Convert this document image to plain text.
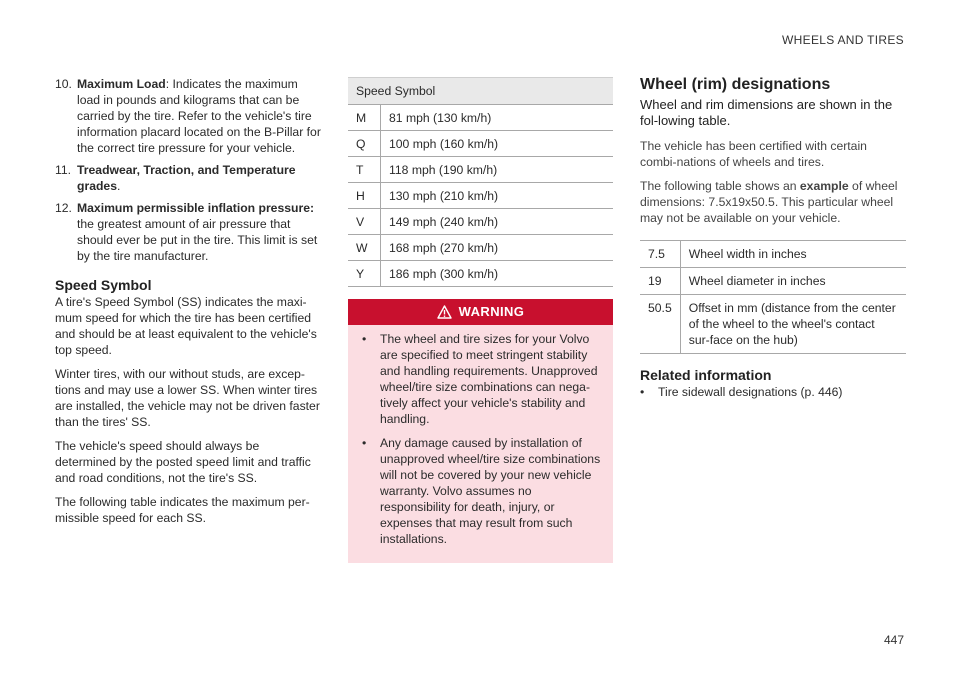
WHEELS AND TIRES
10. Maximum Load: Indicates the maximum load in pounds and kilograms that can be carried by the tire. Refer to the vehicle's tire information placard located on the B-Pillar for the correct tire pressure for your vehicle.
11. Treadwear, Traction, and Temperature grades.
12. Maximum permissible inflation pressure: the greatest amount of air pressure that should ever be put in the tire. This limit is set by the tire manufacturer.
Speed Symbol

A tire's Speed Symbol (SS) indicates the maxi-mum speed for which the tire has been certified and should be at least equivalent to the vehicle's top speed.

Winter tires, with our without studs, are excep-tions and may use a lower SS. When winter tires are installed, the vehicle may not be driven faster than the tires' SS.

The vehicle's speed should always be determined by the posted speed limit and traffic and road conditions, not the tire's SS.

The following table indicates the maximum per-missible speed for each SS.

Speed Symbol	
M	81 mph (130 km/h)
Q	100 mph (160 km/h)
T	118 mph (190 km/h)
H	130 mph (210 km/h)
V	149 mph (240 km/h)
W	168 mph (270 km/h)
Y	186 mph (300 km/h)
WARNING
• The wheel and tire sizes for your Volvo are specified to meet stringent stability and handling requirements. Unapproved wheel/tire size combinations can nega-tively affect your vehicle's stability and handling.
• Any damage caused by installation of unapproved wheel/tire size combinations will not be covered by your new vehicle warranty. Volvo assumes no responsibility for death, injury, or expenses that may result from such installations.
Wheel (rim) designations

Wheel and rim dimensions are shown in the fol-lowing table.

The vehicle has been certified with certain combi-nations of wheels and tires.

The following table shows an example of wheel dimensions: 7.5x19x50.5. This particular wheel may not be available on your vehicle.

7.5	Wheel width in inches
19	Wheel diameter in inches
50.5	Offset in mm (distance from the center of the wheel to the wheel's contact sur-face on the hub)
Related information
• Tire sidewall designations (p. 446)
447
